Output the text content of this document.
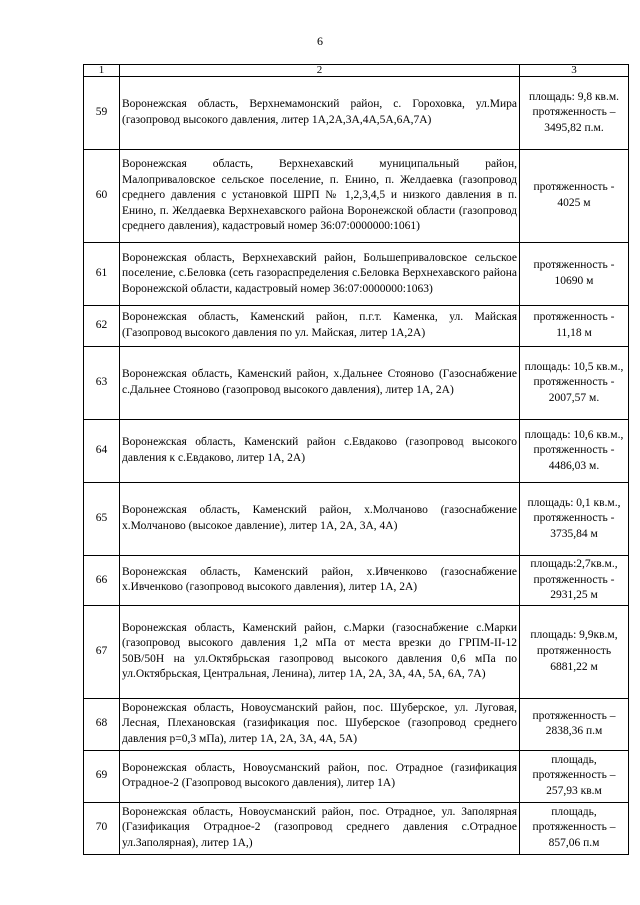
6
1	2	3
59	Воронежская область, Верхнемамонский район, с. Гороховка, ул.Мира (газопровод высокого давления, литер 1А,2А,3А,4А,5А,6А,7А)	площадь: 9,8 кв.м. протяженность – 3495,82 п.м.
60	Воронежская область, Верхнехавский муниципальный район, Малоприваловское сельское поселение, п. Енино, п. Желдаевка (газопровод среднего давления с установкой ШРП № 1,2,3,4,5 и низкого давления в п. Енино, п. Желдаевка Верхнехавского района Воронежской области (газопровод среднего давления), кадастровый номер 36:07:0000000:1061)	протяженность - 4025 м
61	Воронежская область, Верхнехавский район, Большеприваловское сельское поселение, с.Беловка (сеть газораспределения с.Беловка Верхнехавского района Воронежской области, кадастровый номер 36:07:0000000:1063)	протяженность - 10690 м
62	Воронежская область, Каменский район, п.г.т. Каменка, ул. Майская (Газопровод высокого давления по ул. Майская, литер 1А,2А)	протяженность - 11,18 м
63	Воронежская область, Каменский район, х.Дальнее Стояново (Газоснабжение с.Дальнее Стояново (газопровод высокого давления), литер 1А, 2А)	площадь: 10,5 кв.м., протяженность - 2007,57 м.
64	Воронежская область, Каменский район с.Евдаково (газопровод высокого давления к с.Евдаково, литер 1А, 2А)	площадь: 10,6 кв.м., протяженность - 4486,03 м.
65	Воронежская область, Каменский район, х.Молчаново (газоснабжение х.Молчаново (высокое давление), литер 1А, 2А, 3А, 4А)	площадь: 0,1 кв.м., протяженность - 3735,84 м
66	Воронежская область, Каменский район, х.Ивченково (газоснабжение х.Ивченково (газопровод высокого давления), литер 1А, 2А)	площадь:2,7кв.м., протяженность - 2931,25 м
67	Воронежская область, Каменский район, с.Марки (газоснабжение с.Марки (газопровод высокого давления 1,2 мПа от места врезки до ГРПМ-II-12 50В/50Н на ул.Октябрьская газопровод высокого давления 0,6 мПа по ул.Октябрьская, Центральная, Ленина), литер 1А, 2А, 3А, 4А, 5А, 6А, 7А)	площадь: 9,9кв.м, протяженность 6881,22 м
68	Воронежская область, Новоусманский район, пос. Шуберское, ул. Луговая, Лесная, Плехановская (газификация пос. Шуберское (газопровод среднего давления р=0,3 мПа), литер 1А, 2А, 3А, 4А, 5А)	протяженность – 2838,36 п.м
69	Воронежская область, Новоусманский район, пос. Отрадное (газификация Отрадное-2 (Газопровод высокого давления), литер 1А)	площадь, протяженность – 257,93 кв.м
70	Воронежская область, Новоусманский район, пос. Отрадное, ул. Заполярная (Газификация Отрадное-2 (газопровод среднего давления с.Отрадное ул.Заполярная), литер 1А,)	площадь, протяженность – 857,06 п.м
